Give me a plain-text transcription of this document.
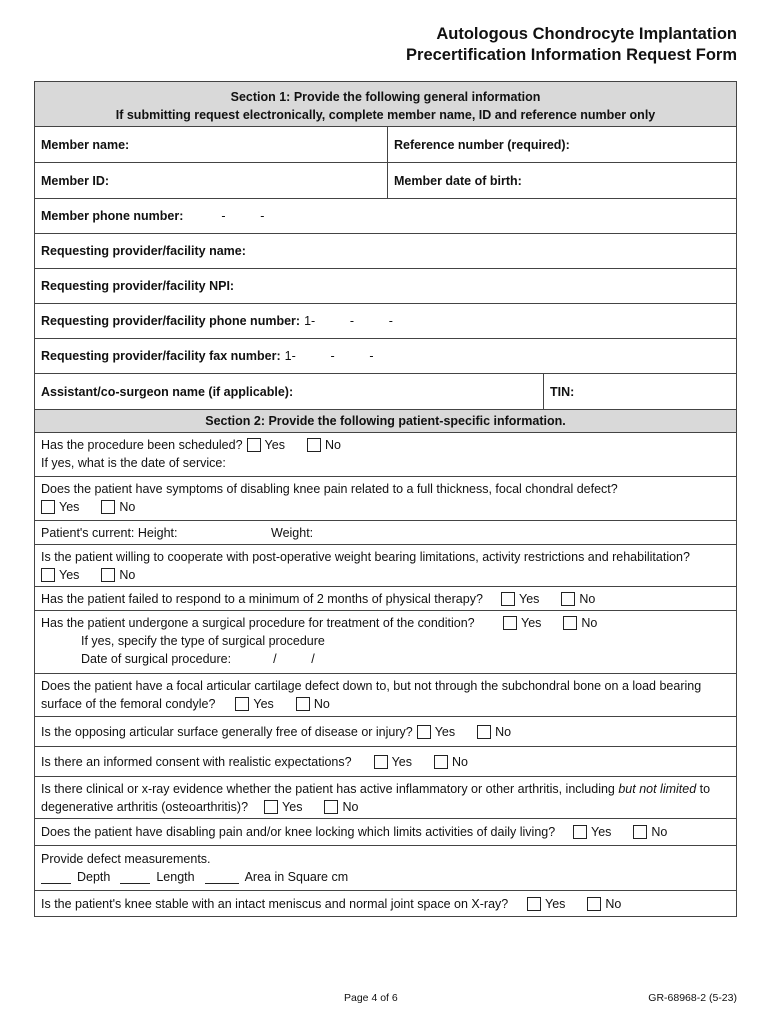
Autologous Chondrocyte Implantation
Precertification Information Request Form
Section 1: Provide the following general information
If submitting request electronically, complete member name, ID and reference number only
Member name:	Reference number (required):
Member ID:	Member date of birth:
Member phone number:	-          -
Requesting provider/facility name:
Requesting provider/facility NPI:
Requesting provider/facility phone number: 1-          -          -
Requesting provider/facility fax number: 1-          -          -
Assistant/co-surgeon name (if applicable):	TIN:
Section 2: Provide the following patient-specific information.
Has the procedure been scheduled? Yes	No
If yes, what is the date of service:
Does the patient have symptoms of disabling knee pain related to a full thickness, focal chondral defect?
Yes	No
Patient's current: Height:	Weight:
Is the patient willing to cooperate with post-operative weight bearing limitations, activity restrictions and rehabilitation?
Yes	No
Has the patient failed to respond to a minimum of 2 months of physical therapy?	Yes	No
Has the patient undergone a surgical procedure for treatment of the condition?	Yes	No
If yes, specify the type of surgical procedure
Date of surgical procedure:	/          /
Does the patient have a focal articular cartilage defect down to, but not through the subchondral bone on a load bearing
surface of the femoral condyle?	Yes	No
Is the opposing articular surface generally free of disease or injury? Yes	No
Is there an informed consent with realistic expectations?	Yes	No
Is there clinical or x-ray evidence whether the patient has active inflammatory or other arthritis, including but not limited to
degenerative arthritis (osteoarthritis)?	Yes	No
Does the patient have disabling pain and/or knee locking which limits activities of daily living?	Yes	No
Provide defect measurements.
Depth	Length	Area in Square cm
Is the patient's knee stable with an intact meniscus and normal joint space on X-ray?	Yes	No
Page 4 of 6	GR-68968-2 (5-23)
